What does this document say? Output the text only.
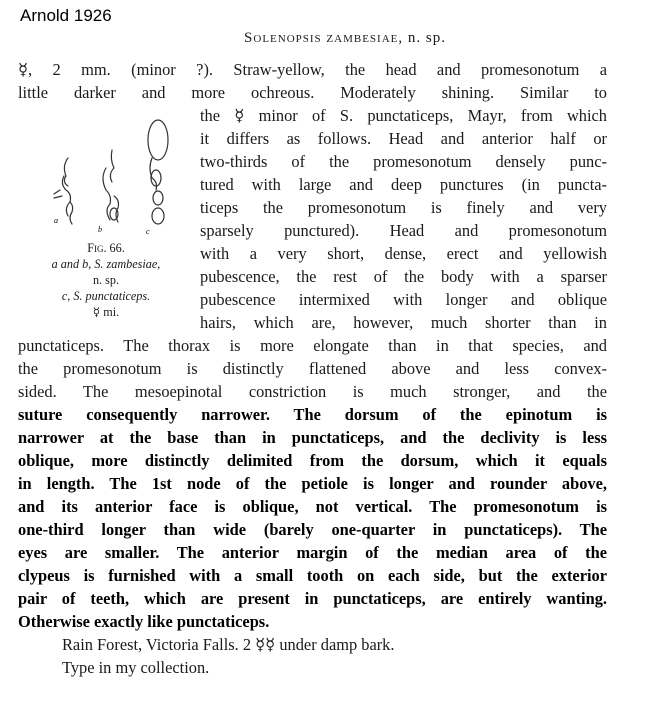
Arnold 1926
Solenopsis zambesiae, n. sp.
a
b	c
Fig. 66.
a and b, S. zambesiae,
n. sp.
c, S. punctaticeps.
☿ mi.
☿, 2 mm. (minor ?). Straw-yellow, the head and promesonotum a
little darker and more ochreous. Moderately shining. Similar to
the ☿ minor of S. punctaticeps, Mayr, from which
it differs as follows. Head and anterior half or
two-thirds of the promesonotum densely punc-
tured with large and deep punctures (in puncta-
ticeps the promesonotum is finely and very
sparsely punctured). Head and promesonotum
with a very short, dense, erect and yellowish
pubescence, the rest of the body with a sparser
pubescence intermixed with longer and oblique
hairs, which are, however, much shorter than in
punctaticeps. The thorax is more elongate than in that species, and
the promesonotum is distinctly flattened above and less convex-
sided. The mesoepinotal constriction is much stronger, and the
suture consequently narrower. The dorsum of the epinotum is
narrower at the base than in punctaticeps, and the declivity is less
oblique, more distinctly delimited from the dorsum, which it equals
in length. The 1st node of the petiole is longer and rounder above,
and its anterior face is oblique, not vertical. The promesonotum is
one-third longer than wide (barely one-quarter in punctaticeps). The
eyes are smaller. The anterior margin of the median area of the
clypeus is furnished with a small tooth on each side, but the exterior
pair of teeth, which are present in punctaticeps, are entirely wanting.
Otherwise exactly like punctaticeps.
Rain Forest, Victoria Falls. 2 ☿☿ under damp bark.
Type in my collection.
